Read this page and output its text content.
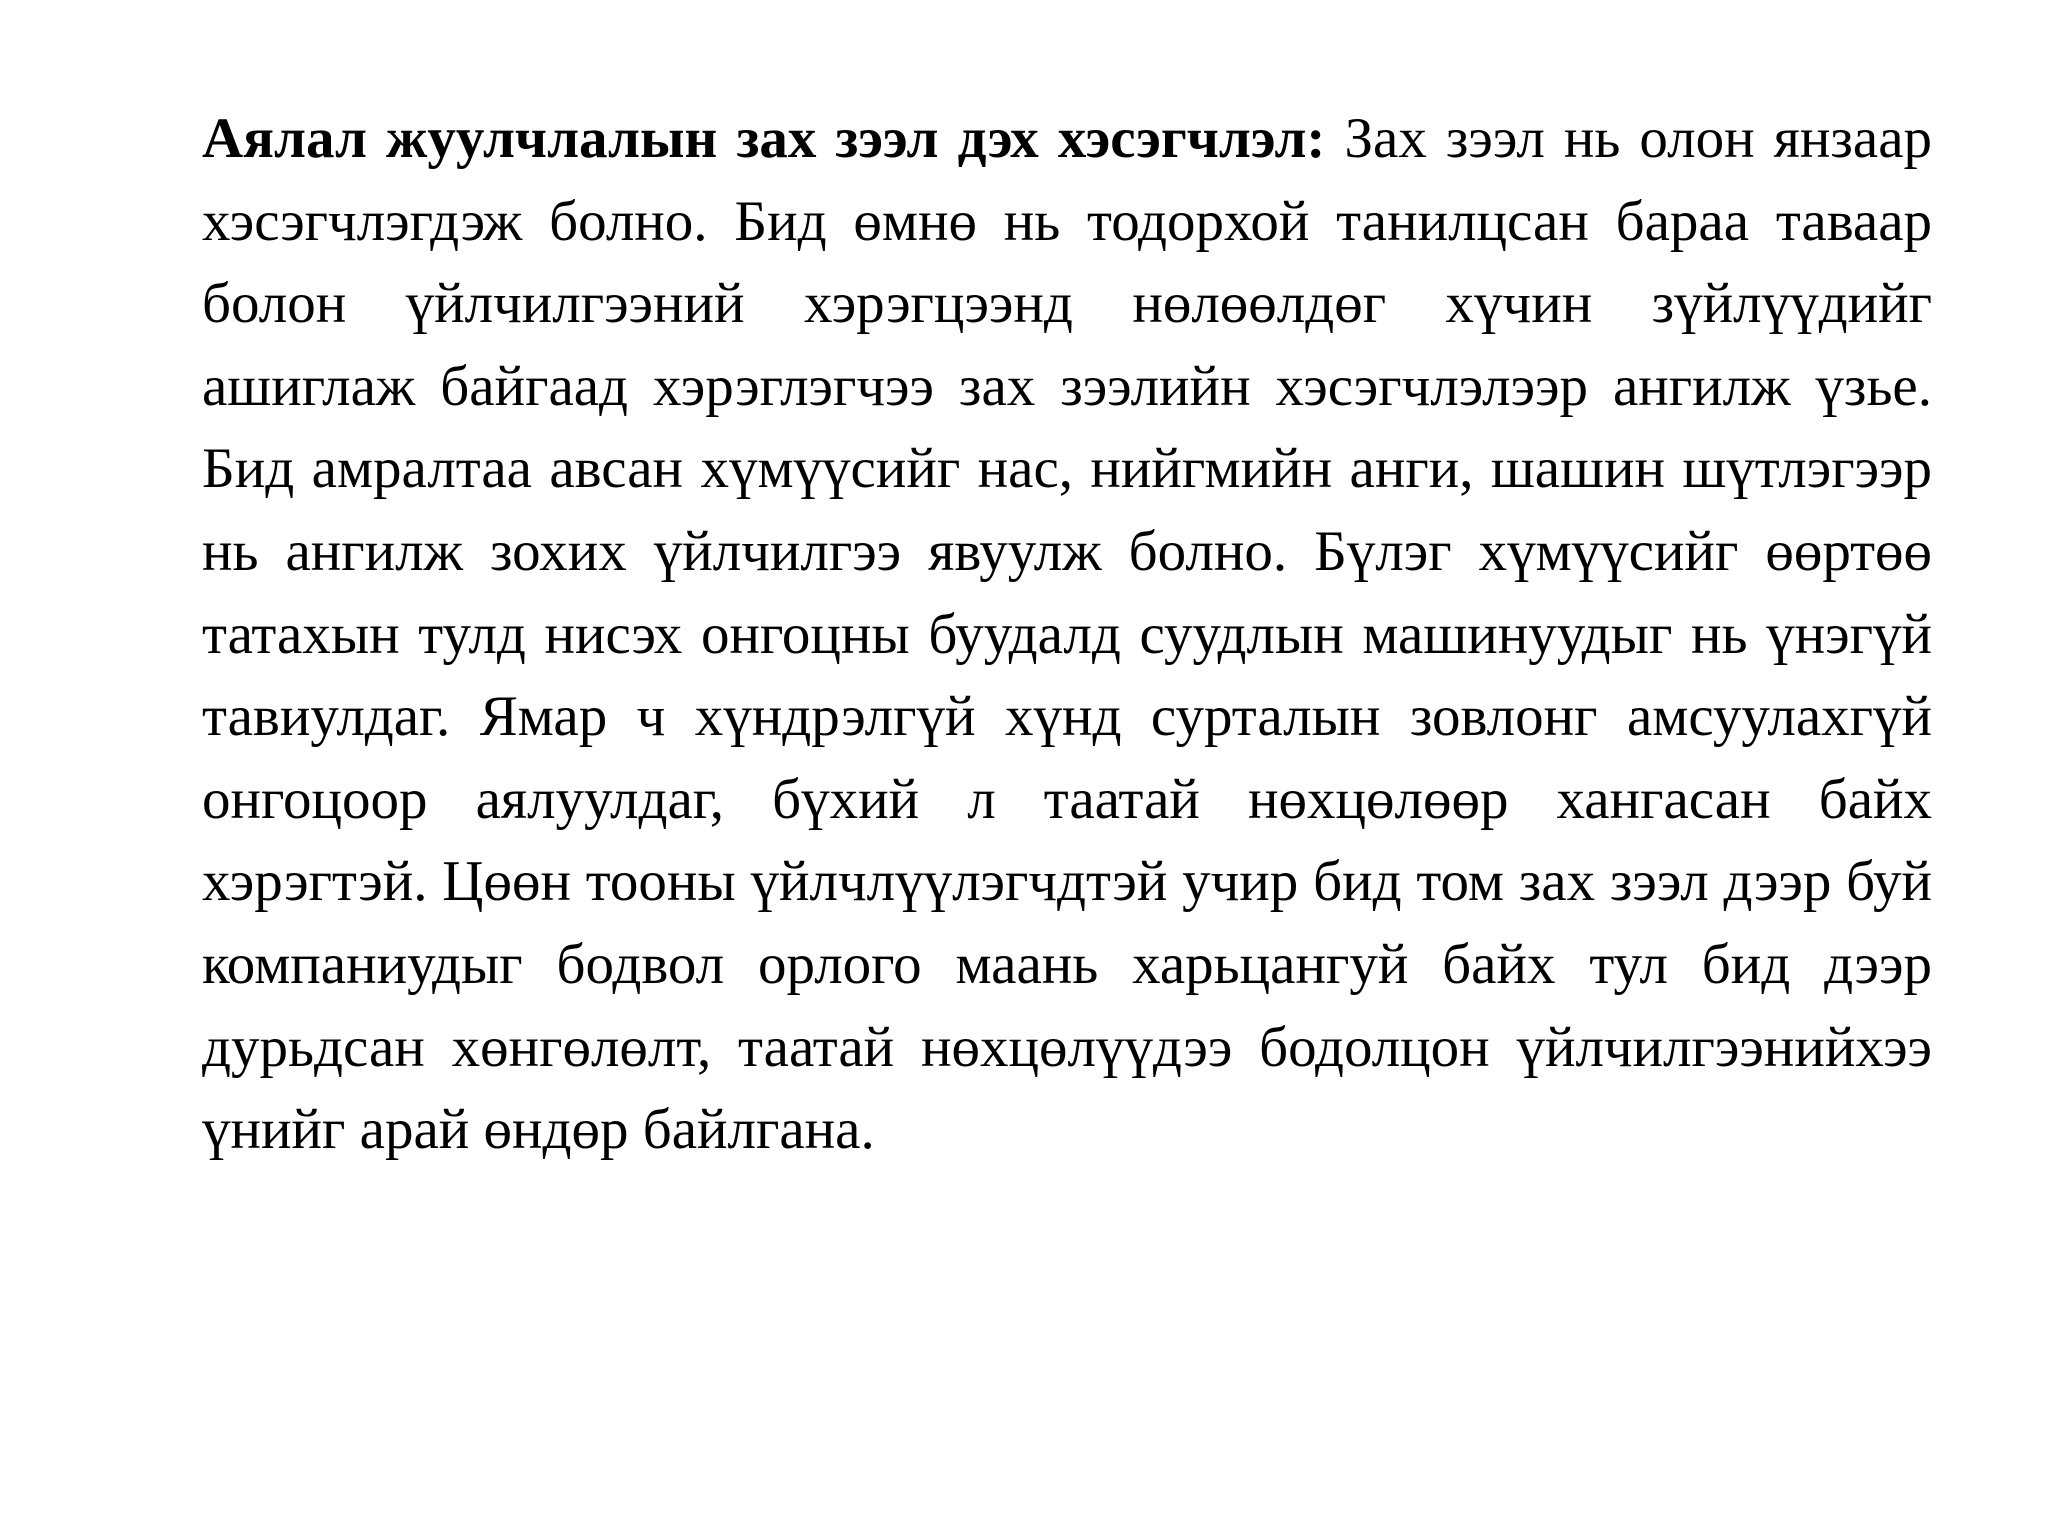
Аялал жуулчлалын зах зээл дэх хэсэгчлэл: Зах зээл нь олон янзаар хэсэгчлэгдэж болно. Бид өмнө нь тодорхой танилцсан бараа таваар болон үйлчилгээний хэрэгцээнд нөлөөлдөг хүчин зүйлүүдийг ашиглаж байгаад хэрэглэгчээ зах зээлийн хэсэгчлэлээр ангилж үзье. Бид амралтаа авсан хүмүүсийг нас, нийгмийн анги, шашин шүтлэгээр нь ангилж зохих үйлчилгээ явуулж болно. Бүлэг хүмүүсийг өөртөө татахын тулд нисэх онгоцны буудалд суудлын машинуудыг нь үнэгүй тавиулдаг. Ямар ч хүндрэлгүй хүнд сурталын зовлонг амсуулахгүй онгоцоор аялуулдаг, бүхий л таатай нөхцөлөөр хангасан байх хэрэгтэй. Цөөн тооны үйлчлүүлэгчдтэй учир бид том зах зээл дээр буй компаниудыг бодвол орлого маань харьцангуй байх тул бид дээр дурьдсан хөнгөлөлт, таатай нөхцөлүүдээ бодолцон үйлчилгээнийхээ үнийг арай өндөр байлгана.
